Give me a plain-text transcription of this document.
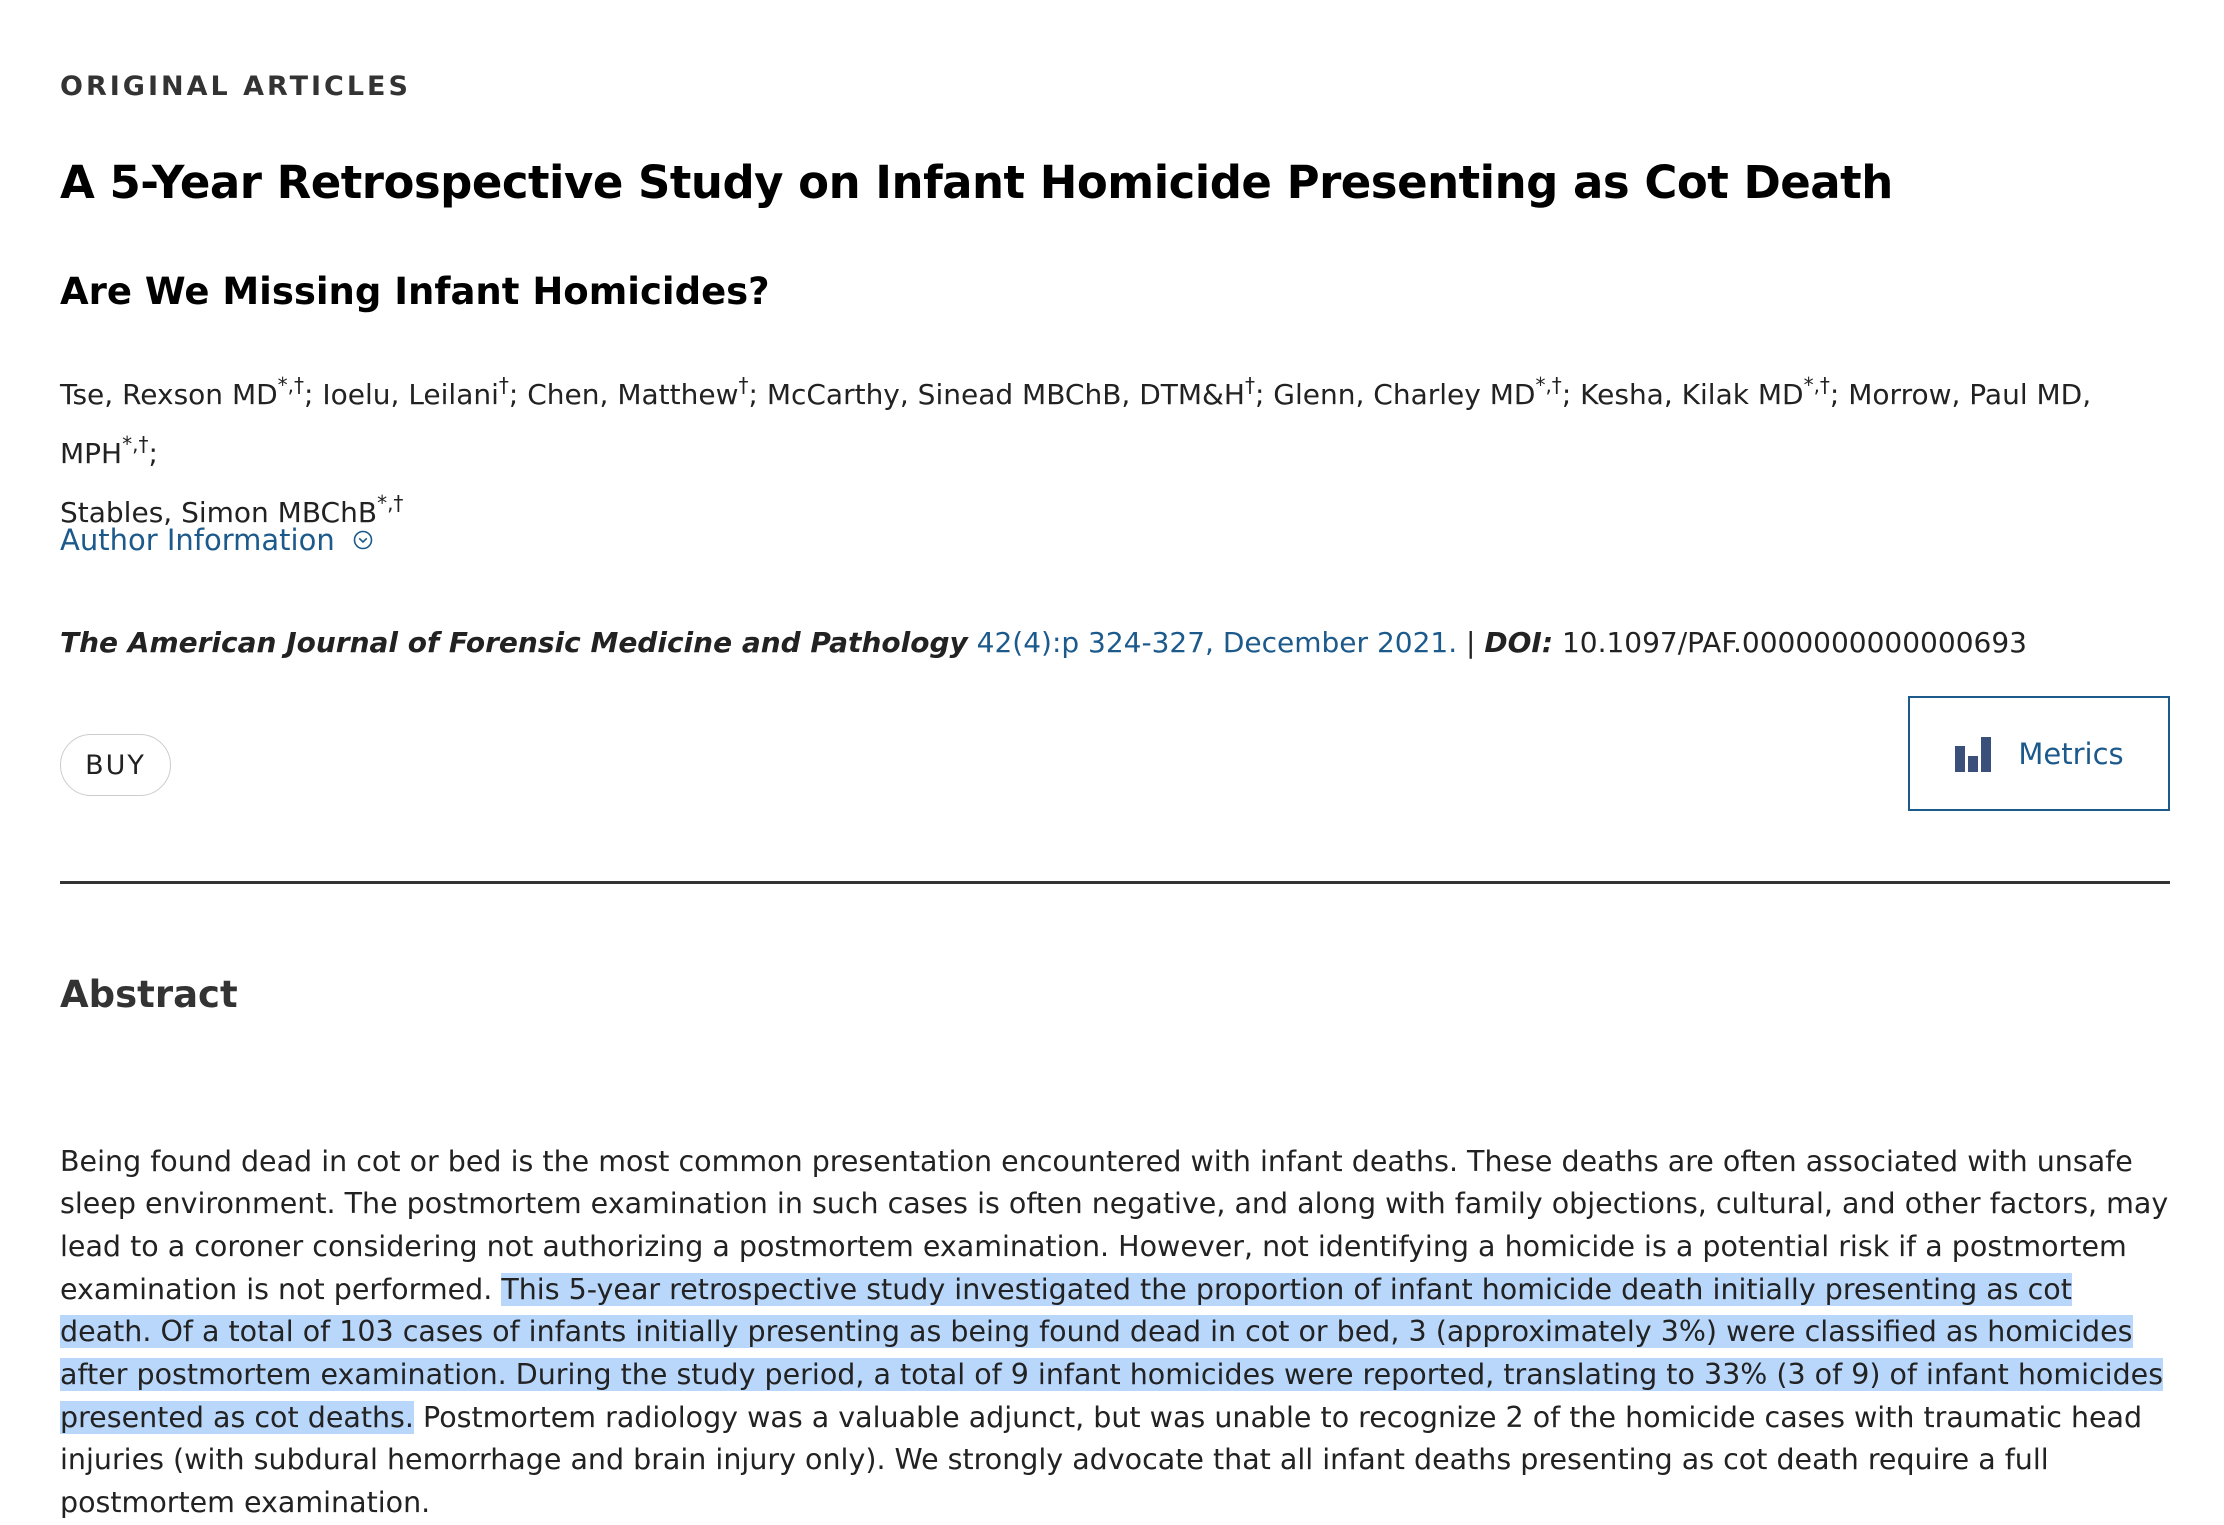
ORIGINAL ARTICLES
A 5-Year Retrospective Study on Infant Homicide Presenting as Cot Death
Are We Missing Infant Homicides?
Tse, Rexson MD*,†; Ioelu, Leilani†; Chen, Matthew†; McCarthy, Sinead MBChB, DTM&H†; Glenn, Charley MD*,†; Kesha, Kilak MD*,†; Morrow, Paul MD, MPH*,†;
Stables, Simon MBChB*,†
Author Information
The American Journal of Forensic Medicine and Pathology 42(4):p 324-327, December 2021. | DOI: 10.1097/PAF.0000000000000693
BUY	Metrics
Abstract

Being found dead in cot or bed is the most common presentation encountered with infant deaths. These deaths are often associated with unsafe sleep environment. The postmortem examination in such cases is often negative, and along with family objections, cultural, and other factors, may lead to a coroner considering not authorizing a postmortem examination. However, not identifying a homicide is a potential risk if a postmortem examination is not performed. This 5-year retrospective study investigated the proportion of infant homicide death initially presenting as cot death. Of a total of 103 cases of infants initially presenting as being found dead in cot or bed, 3 (approximately 3%) were classified as homicides after postmortem examination. During the study period, a total of 9 infant homicides were reported, translating to 33% (3 of 9) of infant homicides presented as cot deaths. Postmortem radiology was a valuable adjunct, but was unable to recognize 2 of the homicide cases with traumatic head injuries (with subdural hemorrhage and brain injury only). We strongly advocate that all infant deaths presenting as cot death require a full postmortem examination.
